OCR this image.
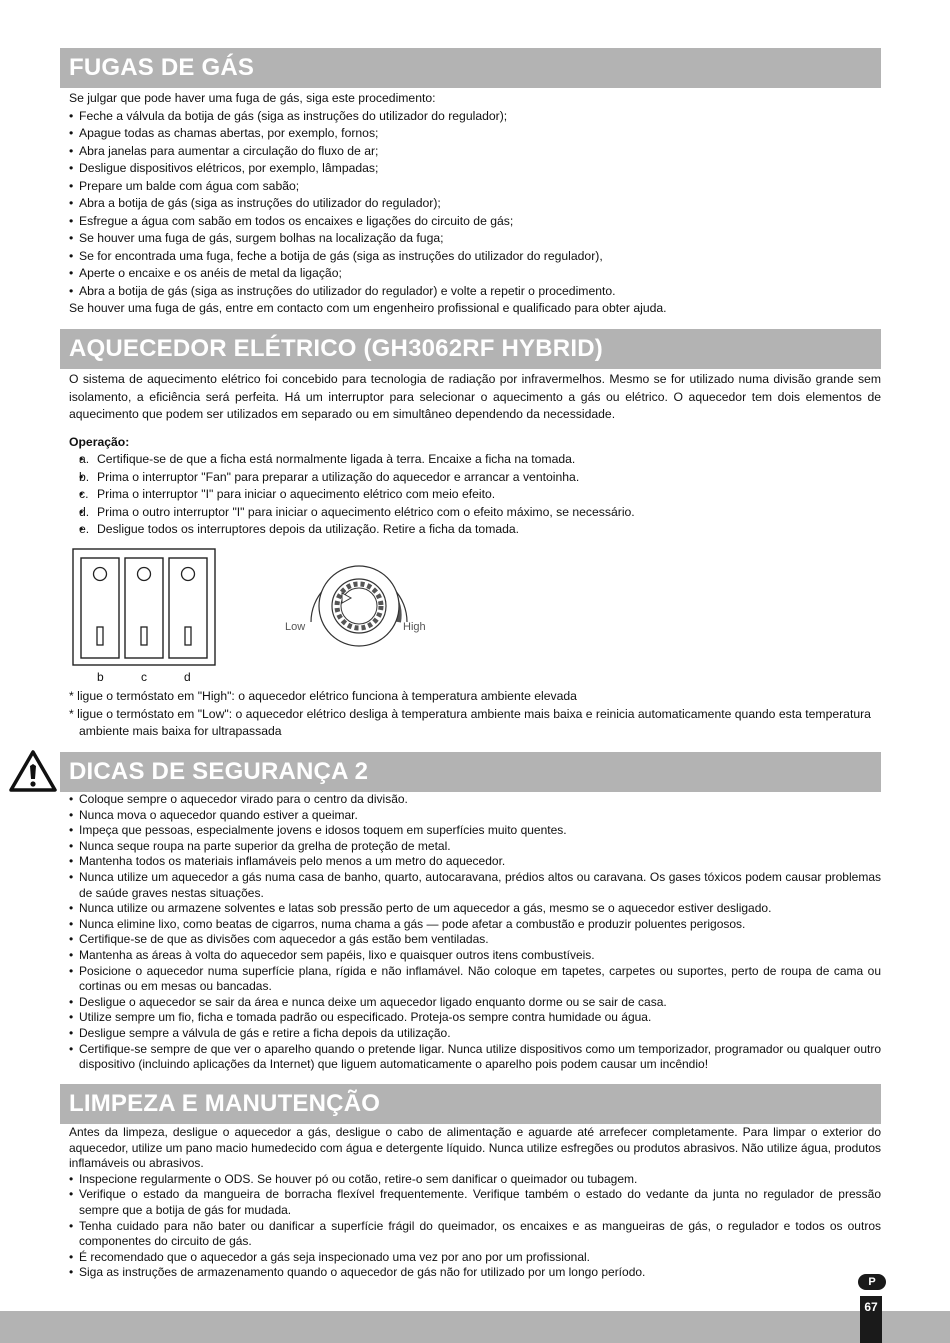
FUGAS DE GÁS

Se julgar que pode haver uma fuga de gás, siga este procedimento:

• Feche a válvula da botija de gás (siga as instruções do utilizador do regulador);
• Apague todas as chamas abertas, por exemplo, fornos;
• Abra janelas para aumentar a circulação do fluxo de ar;
• Desligue dispositivos elétricos, por exemplo, lâmpadas;
• Prepare um balde com água com sabão;
• Abra a botija de gás (siga as instruções do utilizador do regulador);
• Esfregue a água com sabão em todos os encaixes e ligações do circuito de gás;
• Se houver uma fuga de gás, surgem bolhas na localização da fuga;
• Se for encontrada uma fuga, feche a botija de gás (siga as instruções do utilizador do regulador),
• Aperte o encaixe e os anéis de metal da ligação;
• Abra a botija de gás (siga as instruções do utilizador do regulador) e volte a repetir o procedimento.

Se houver uma fuga de gás, entre em contacto com um engenheiro profissional e qualificado para obter ajuda.

AQUECEDOR ELÉTRICO (GH3062RF HYBRID)

O sistema de aquecimento elétrico foi concebido para tecnologia de radiação por infravermelhos. Mesmo se for utilizado numa divisão grande sem isolamento, a eficiência será perfeita. Há um interruptor para selecionar o aquecimento a gás ou elétrico. O aquecedor tem dois elementos de aquecimento que podem ser utilizados em separado ou em simultâneo dependendo da necessidade.

Operação:

• a. Certifique-se de que a ficha está normalmente ligada à terra. Encaixe a ficha na tomada.
• b. Prima o interruptor "Fan" para preparar a utilização do aquecedor e arrancar a ventoinha.
• c. Prima o interruptor "I" para iniciar o aquecimento elétrico com meio efeito.
• d. Prima o outro interruptor "I" para iniciar o aquecimento elétrico com o efeito máximo, se necessário.
• e. Desligue todos os interruptores depois da utilização. Retire a ficha da tomada.
b	c	d
Low	High

* ligue o termóstato em "High": o aquecedor elétrico funciona à temperatura ambiente elevada

* ligue o termóstato em "Low": o aquecedor elétrico desliga à temperatura ambiente mais baixa e reinicia automaticamente quando esta temperatura ambiente mais baixa for ultrapassada

DICAS DE SEGURANÇA 2
• Coloque sempre o aquecedor virado para o centro da divisão.
• Nunca mova o aquecedor quando estiver a queimar.
• Impeça que pessoas, especialmente jovens e idosos toquem em superfícies muito quentes.
• Nunca seque roupa na parte superior da grelha de proteção de metal.
• Mantenha todos os materiais inflamáveis pelo menos a um metro do aquecedor.
• Nunca utilize um aquecedor a gás numa casa de banho, quarto, autocaravana, prédios altos ou caravana. Os gases tóxicos podem causar problemas de saúde graves nestas situações.
• Nunca utilize ou armazene solventes e latas sob pressão perto de um aquecedor a gás, mesmo se o aquecedor estiver desligado.
• Nunca elimine lixo, como beatas de cigarros, numa chama a gás — pode afetar a combustão e produzir poluentes perigosos.
• Certifique-se de que as divisões com aquecedor a gás estão bem ventiladas.
• Mantenha as áreas à volta do aquecedor sem papéis, lixo e quaisquer outros itens combustíveis.
• Posicione o aquecedor numa superfície plana, rígida e não inflamável. Não coloque em tapetes, carpetes ou suportes, perto de roupa de cama ou cortinas ou em mesas ou bancadas.
• Desligue o aquecedor se sair da área e nunca deixe um aquecedor ligado enquanto dorme ou se sair de casa.
• Utilize sempre um fio, ficha e tomada padrão ou especificado. Proteja-os sempre contra humidade ou água.
• Desligue sempre a válvula de gás e retire a ficha depois da utilização.
• Certifique-se sempre de que ver o aparelho quando o pretende ligar. Nunca utilize dispositivos como um temporizador, programador ou qualquer outro dispositivo (incluindo aplicações da Internet) que liguem automaticamente o aparelho pois podem causar um incêndio!
LIMPEZA E MANUTENÇÃO

Antes da limpeza, desligue o aquecedor a gás, desligue o cabo de alimentação e aguarde até arrefecer completamente. Para limpar o exterior do aquecedor, utilize um pano macio humedecido com água e detergente líquido. Nunca utilize esfregões ou produtos abrasivos. Não utilize água, produtos inflamáveis ou abrasivos.

• Inspecione regularmente o ODS. Se houver pó ou cotão, retire-o sem danificar o queimador ou tubagem.
• Verifique o estado da mangueira de borracha flexível frequentemente. Verifique também o estado do vedante da junta no regulador de pressão sempre que a botija de gás for mudada.
• Tenha cuidado para não bater ou danificar a superfície frágil do queimador, os encaixes e as mangueiras de gás, o regulador e todos os outros componentes do circuito de gás.
• É recomendado que o aquecedor a gás seja inspecionado uma vez por ano por um profissional.
• Siga as instruções de armazenamento quando o aquecedor de gás não for utilizado por um longo período.
P
67
